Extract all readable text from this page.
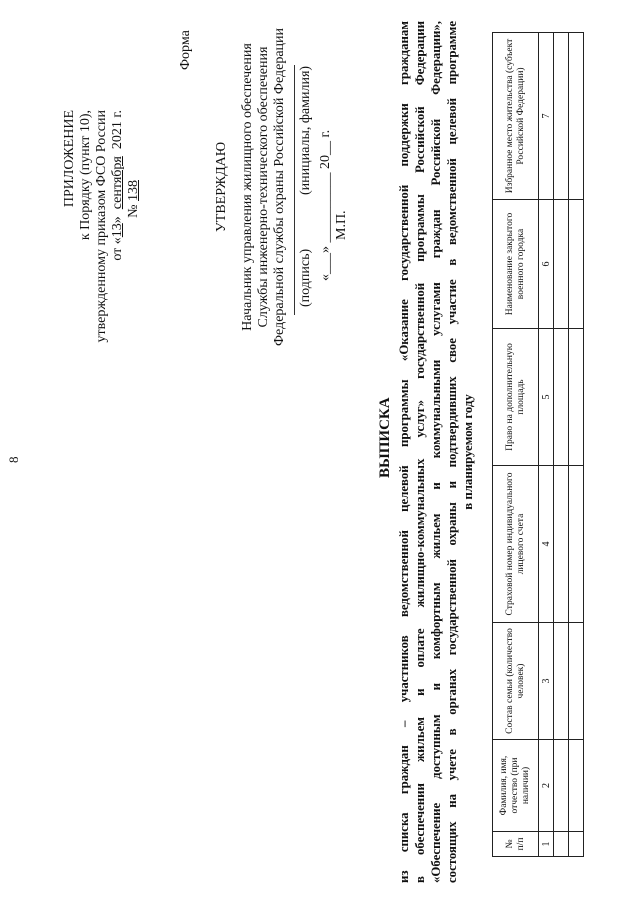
8
ПРИЛОЖЕНИЕ к Порядку (пункт 10), утвержденному приказом ФСО России от «13»  сентября  2021 г.
№ 138
Форма
УТВЕРЖДАЮ Начальник управления жилищного обеспечения Службы инженерно-технического обеспечения Федеральной службы охраны Российской Федерации (подпись)
(инициалы, фамилия) «___» __________ 20__ г. М.П.
ВЫПИСКА из списка граждан – участников ведомственной целевой программы «Оказание государственной поддержки гражданам в обеспечении жильем и оплате жилищно-коммунальных услуг» государственной программы Российской Федерации «Обеспечение доступным и комфортным жильем и коммунальными услугами граждан Российской Федерации», состоящих на учете в органах государственной охраны и подтвердивших свое участие в ведомственной целевой программе в планируемом году
№ п/п	Фамилия, имя, отчество (при наличии)	Состав семьи (количество человек)	Страховой номер индивидуального лицевого счета	Право на дополнительную площадь	Наименование закрытого военного городка	Избранное место жительства (субъект Российской Федерации)
1	2	3	4	5	6	7
